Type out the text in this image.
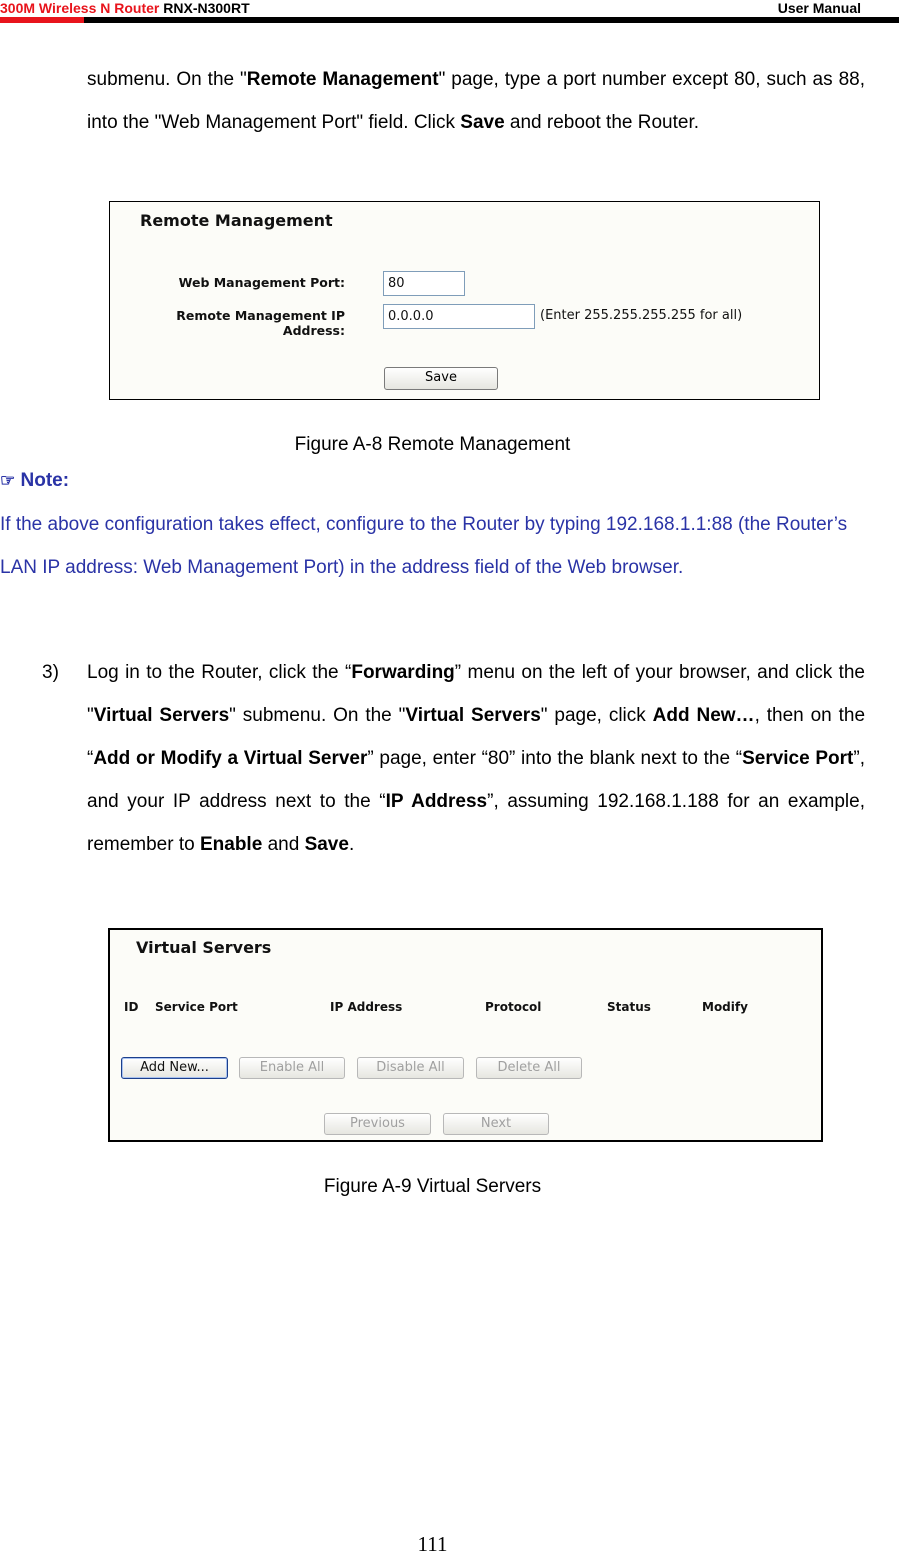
300M Wireless N Router RNX-N300RT	User Manual
submenu. On the "Remote Management" page, type a port number except 80, such as 88, into the "Web Management Port" field. Click Save and reboot the Router.
Remote Management
Web Management Port:
80
Remote Management IP Address:
0.0.0.0
(Enter 255.255.255.255 for all)
Save
Figure A-8 Remote Management
☞ Note:
If the above configuration takes effect, configure to the Router by typing 192.168.1.1:88 (the Router’s LAN IP address: Web Management Port) in the address field of the Web browser.
3) Log in to the Router, click the “Forwarding” menu on the left of your browser, and click the "Virtual Servers" submenu. On the "Virtual Servers" page, click Add New…, then on the “Add or Modify a Virtual Server” page, enter “80” into the blank next to the “Service Port”, and your IP address next to the “IP Address”, assuming 192.168.1.188 for an example, remember to Enable and Save.
Virtual Servers
ID Service Port	IP Address	Protocol	Status	Modify
Add New...	Enable All	Disable All	Delete All
Previous	Next
Figure A-9 Virtual Servers
111
